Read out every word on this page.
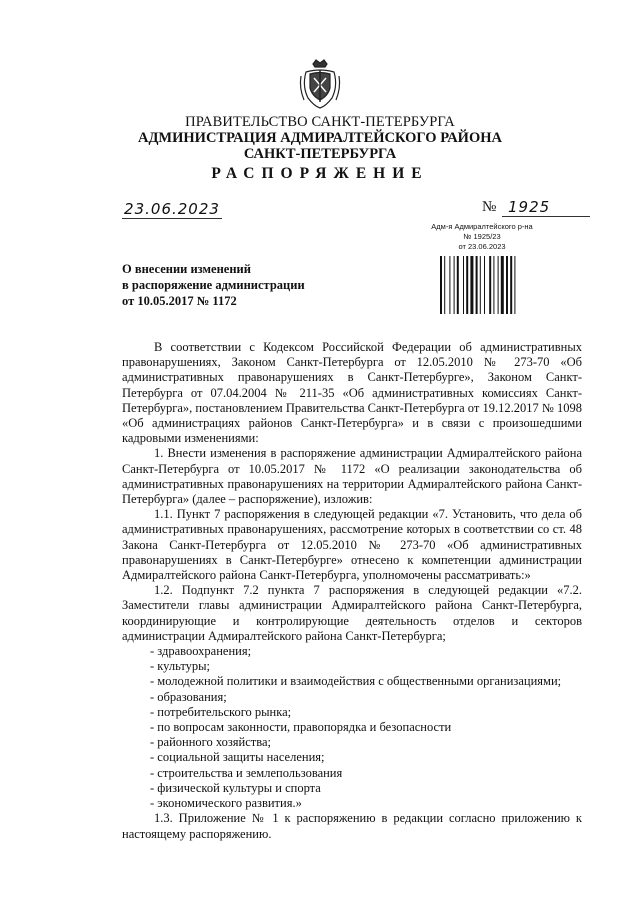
ПРАВИТЕЛЬСТВО САНКТ-ПЕТЕРБУРГА
АДМИНИСТРАЦИЯ АДМИРАЛТЕЙСКОГО РАЙОНА
САНКТ-ПЕТЕРБУРГА
РАСПОРЯЖЕНИЕ
23.06.2023	№ 1925
Адм-я Адмиралтейского р-на
№ 1925/23
от 23.06.2023
О внесении изменений
в распоряжение администрации
от 10.05.2017 № 1172

В соответствии с Кодексом Российской Федерации об административных правонарушениях, Законом Санкт-Петербурга от 12.05.2010 № 273-70 «Об административных правонарушениях в Санкт-Петербурге», Законом Санкт-Петербурга от 07.04.2004 № 211-35 «Об административных комиссиях Санкт-Петербурга», постановлением Правительства Санкт-Петербурга от 19.12.2017 № 1098 «Об администрациях районов Санкт-Петербурга» и в связи с произошедшими кадровыми изменениями:

1. Внести изменения в распоряжение администрации Адмиралтейского района Санкт-Петербурга от 10.05.2017 № 1172 «О реализации законодательства об административных правонарушениях на территории Адмиралтейского района Санкт-Петербурга» (далее – распоряжение), изложив:

1.1. Пункт 7 распоряжения в следующей редакции «7. Установить, что дела об административных правонарушениях, рассмотрение которых в соответствии со ст. 48 Закона Санкт-Петербурга от 12.05.2010 № 273-70 «Об административных правонарушениях в Санкт-Петербурге» отнесено к компетенции администрации Адмиралтейского района Санкт-Петербурга, уполномочены рассматривать:»

1.2. Подпункт 7.2 пункта 7 распоряжения в следующей редакции «7.2. Заместители главы администрации Адмиралтейского района Санкт-Петербурга, координирующие и контролирующие деятельность отделов и секторов администрации Адмиралтейского района Санкт-Петербурга;

- здравоохранения;
- культуры;
- молодежной политики и взаимодействия с общественными организациями;
- образования;
- потребительского рынка;
- по вопросам законности, правопорядка и безопасности
- районного хозяйства;
- социальной защиты населения;
- строительства и землепользования
- физической культуры и спорта
- экономического развития.»

1.3. Приложение № 1 к распоряжению в редакции согласно приложению к настоящему распоряжению.
